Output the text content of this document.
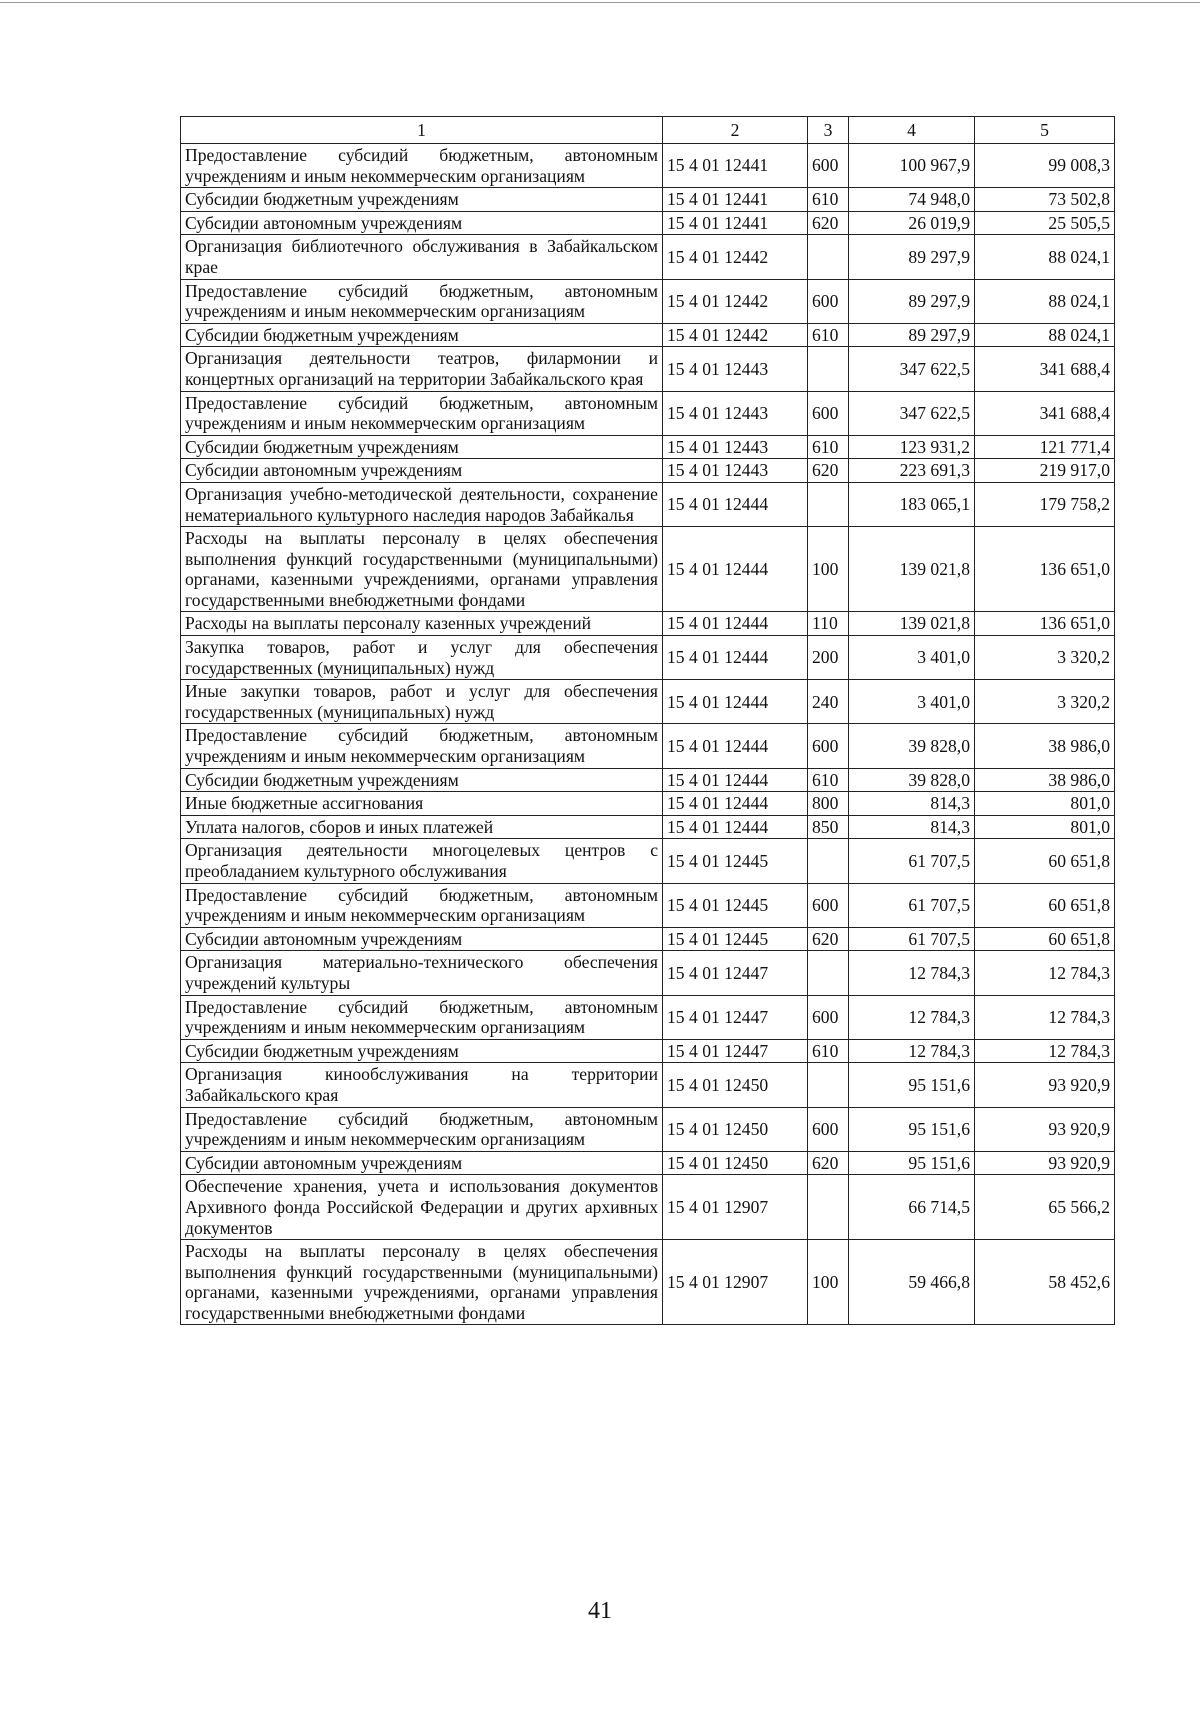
1	2	3	4	5
Предоставление субсидий бюджетным, автономным учреждениям и иным некоммерческим организациям	15 4 01 12441	600	100 967,9	99 008,3
Субсидии бюджетным учреждениям	15 4 01 12441	610	74 948,0	73 502,8
Субсидии автономным учреждениям	15 4 01 12441	620	26 019,9	25 505,5
Организация библиотечного обслуживания в Забайкальском крае	15 4 01 12442		89 297,9	88 024,1
Предоставление субсидий бюджетным, автономным учреждениям и иным некоммерческим организациям	15 4 01 12442	600	89 297,9	88 024,1
Субсидии бюджетным учреждениям	15 4 01 12442	610	89 297,9	88 024,1
Организация деятельности театров, филармонии и концертных организаций на территории Забайкальского края	15 4 01 12443		347 622,5	341 688,4
Предоставление субсидий бюджетным, автономным учреждениям и иным некоммерческим организациям	15 4 01 12443	600	347 622,5	341 688,4
Субсидии бюджетным учреждениям	15 4 01 12443	610	123 931,2	121 771,4
Субсидии автономным учреждениям	15 4 01 12443	620	223 691,3	219 917,0
Организация учебно-методической деятельности, сохранение нематериального культурного наследия народов Забайкалья	15 4 01 12444		183 065,1	179 758,2
Расходы на выплаты персоналу в целях обеспечения выполнения функций государственными (муниципальными) органами, казенными учреждениями, органами управления государственными внебюджетными фондами	15 4 01 12444	100	139 021,8	136 651,0
Расходы на выплаты персоналу казенных учреждений	15 4 01 12444	110	139 021,8	136 651,0
Закупка товаров, работ и услуг для обеспечения государственных (муниципальных) нужд	15 4 01 12444	200	3 401,0	3 320,2
Иные закупки товаров, работ и услуг для обеспечения государственных (муниципальных) нужд	15 4 01 12444	240	3 401,0	3 320,2
Предоставление субсидий бюджетным, автономным учреждениям и иным некоммерческим организациям	15 4 01 12444	600	39 828,0	38 986,0
Субсидии бюджетным учреждениям	15 4 01 12444	610	39 828,0	38 986,0
Иные бюджетные ассигнования	15 4 01 12444	800	814,3	801,0
Уплата налогов, сборов и иных платежей	15 4 01 12444	850	814,3	801,0
Организация деятельности многоцелевых центров с преобладанием культурного обслуживания	15 4 01 12445		61 707,5	60 651,8
Предоставление субсидий бюджетным, автономным учреждениям и иным некоммерческим организациям	15 4 01 12445	600	61 707,5	60 651,8
Субсидии автономным учреждениям	15 4 01 12445	620	61 707,5	60 651,8
Организация материально-технического обеспечения учреждений культуры	15 4 01 12447		12 784,3	12 784,3
Предоставление субсидий бюджетным, автономным учреждениям и иным некоммерческим организациям	15 4 01 12447	600	12 784,3	12 784,3
Субсидии бюджетным учреждениям	15 4 01 12447	610	12 784,3	12 784,3
Организация кинообслуживания на территории Забайкальского края	15 4 01 12450		95 151,6	93 920,9
Предоставление субсидий бюджетным, автономным учреждениям и иным некоммерческим организациям	15 4 01 12450	600	95 151,6	93 920,9
Субсидии автономным учреждениям	15 4 01 12450	620	95 151,6	93 920,9
Обеспечение хранения, учета и использования документов Архивного фонда Российской Федерации и других архивных документов	15 4 01 12907		66 714,5	65 566,2
Расходы на выплаты персоналу в целях обеспечения выполнения функций государственными (муниципальными) органами, казенными учреждениями, органами управления государственными внебюджетными фондами	15 4 01 12907	100	59 466,8	58 452,6
41
